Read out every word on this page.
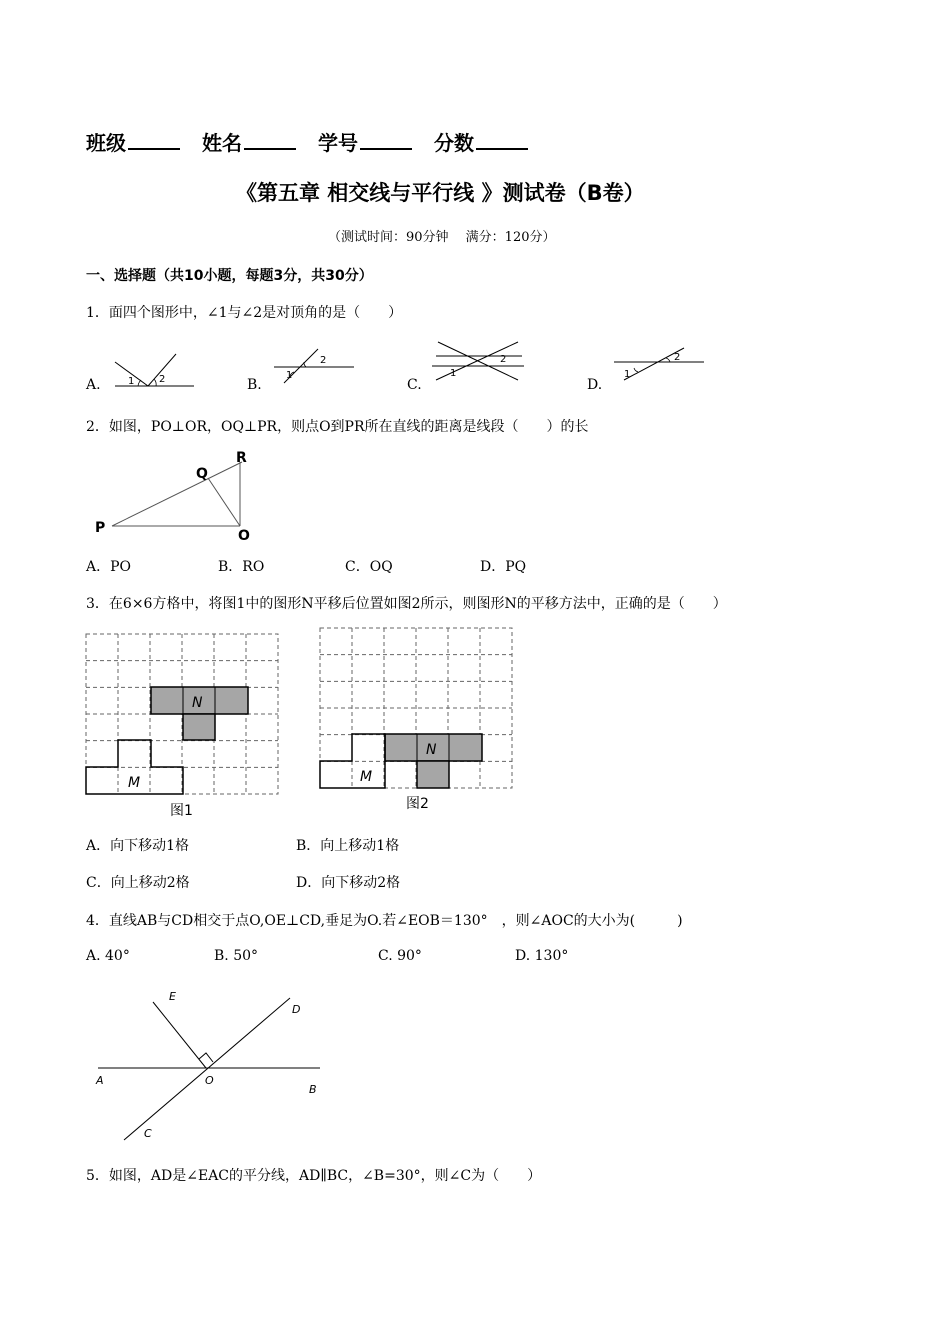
班级	姓名	学号	分数
《第五章 相交线与平行线 》测试卷（B卷）
（测试时间：90分钟　 满分：120分）
一、选择题（共10小题，每题3分，共30分）
1．面四个图形中，∠1与∠2是对顶角的是（　　）
A.	B.	C.	D.
1 2	1
2
1
2
1
2
2．如图，PO⊥OR，OQ⊥PR，则点O到PR所在直线的距离是线段（　　）的长
P
Q
R
O
A．PO	B．RO	C．OQ	D．PQ
3．在6×6方格中，将图1中的图形N平移后位置如图2所示，则图形N的平移方法中，正确的是（　　）
N
M
图1
N
M
图2
A．向下移动1格	B．向上移动1格
C．向上移动2格	D．向下移动2格
4．直线AB与CD相交于点O,OE⊥CD,垂足为O.若∠EOB＝130°　，则∠AOC的大小为(　　　)
A. 40°	B. 50°	C. 90°	D. 130°
E
D
A	O
B
C
5．如图，AD是∠EAC的平分线，AD∥BC，∠B=30°，则∠C为（　　）
